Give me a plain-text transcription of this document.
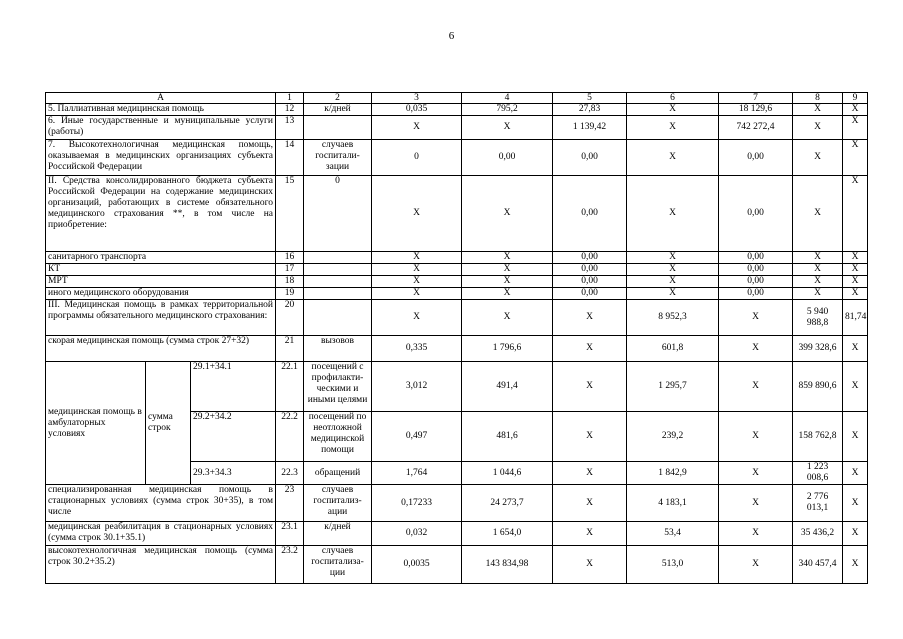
6
А			1	2	3	4	5	6	7	8	9
5. Паллиативная медицинская помощь			12	к/дней	0,035	795,2	27,83	X	18 129,6	X	X
6. Иные государственные и муниципальные услуги (работы)			13		X	X	1 139,42	X	742 272,4	X	X
7. Высокотехнологичная медицинская помощь, оказываемая в медицинских организациях субъекта Российской Федерации			14	случаев госпитали-зации	0	0,00	0,00	X	0,00	X	X
II. Средства консолидированного бюджета субъекта Российской Федерации на содержание медицинских организаций, работающих в системе обязательного медицинского страхования **, в том числе на приобретение:			15	0	X	X	0,00	X	0,00	X	X
санитарного транспорта			16		X	X	0,00	X	0,00	X	X
КТ			17		X	X	0,00	X	0,00	X	X
МРТ			18		X	X	0,00	X	0,00	X	X
иного медицинского оборудования			19		X	X	0,00	X	0,00	X	X
III. Медицинская помощь в рамках территориальной программы обязательного медицинского страхования:			20		X	X	X	8 952,3	X	5 940 988,8	81,74
скорая медицинская помощь (сумма строк 27+32)			21	вызовов	0,335	1 796,6	X	601,8	X	399 328,6	X
медицинская помощь в амбулаторных условиях	сумма строк	29.1+34.1	22.1	посещений с профилакти-ческими и иными целями	3,012	491,4	X	1 295,7	X	859 890,6	X
		29.2+34.2	22.2	посещений по неотложной медицинской помощи	0,497	481,6	X	239,2	X	158 762,8	X
		29.3+34.3	22.3	обращений	1,764	1 044,6	X	1 842,9	X	1 223 008,6	X
специализированная медицинская помощь в стационарных условиях (сумма строк 30+35), в том числе			23	случаев госпитализ-ации	0,17233	24 273,7	X	4 183,1	X	2 776 013,1	X
медицинская реабилитация в стационарных условиях (сумма строк 30.1+35.1)			23.1	к/дней	0,032	1 654,0	X	53,4	X	35 436,2	X
высокотехнологичная медицинская помощь (сумма строк 30.2+35.2)			23.2	случаев госпитализа-ции	0,0035	143 834,98	X	513,0	X	340 457,4	X
